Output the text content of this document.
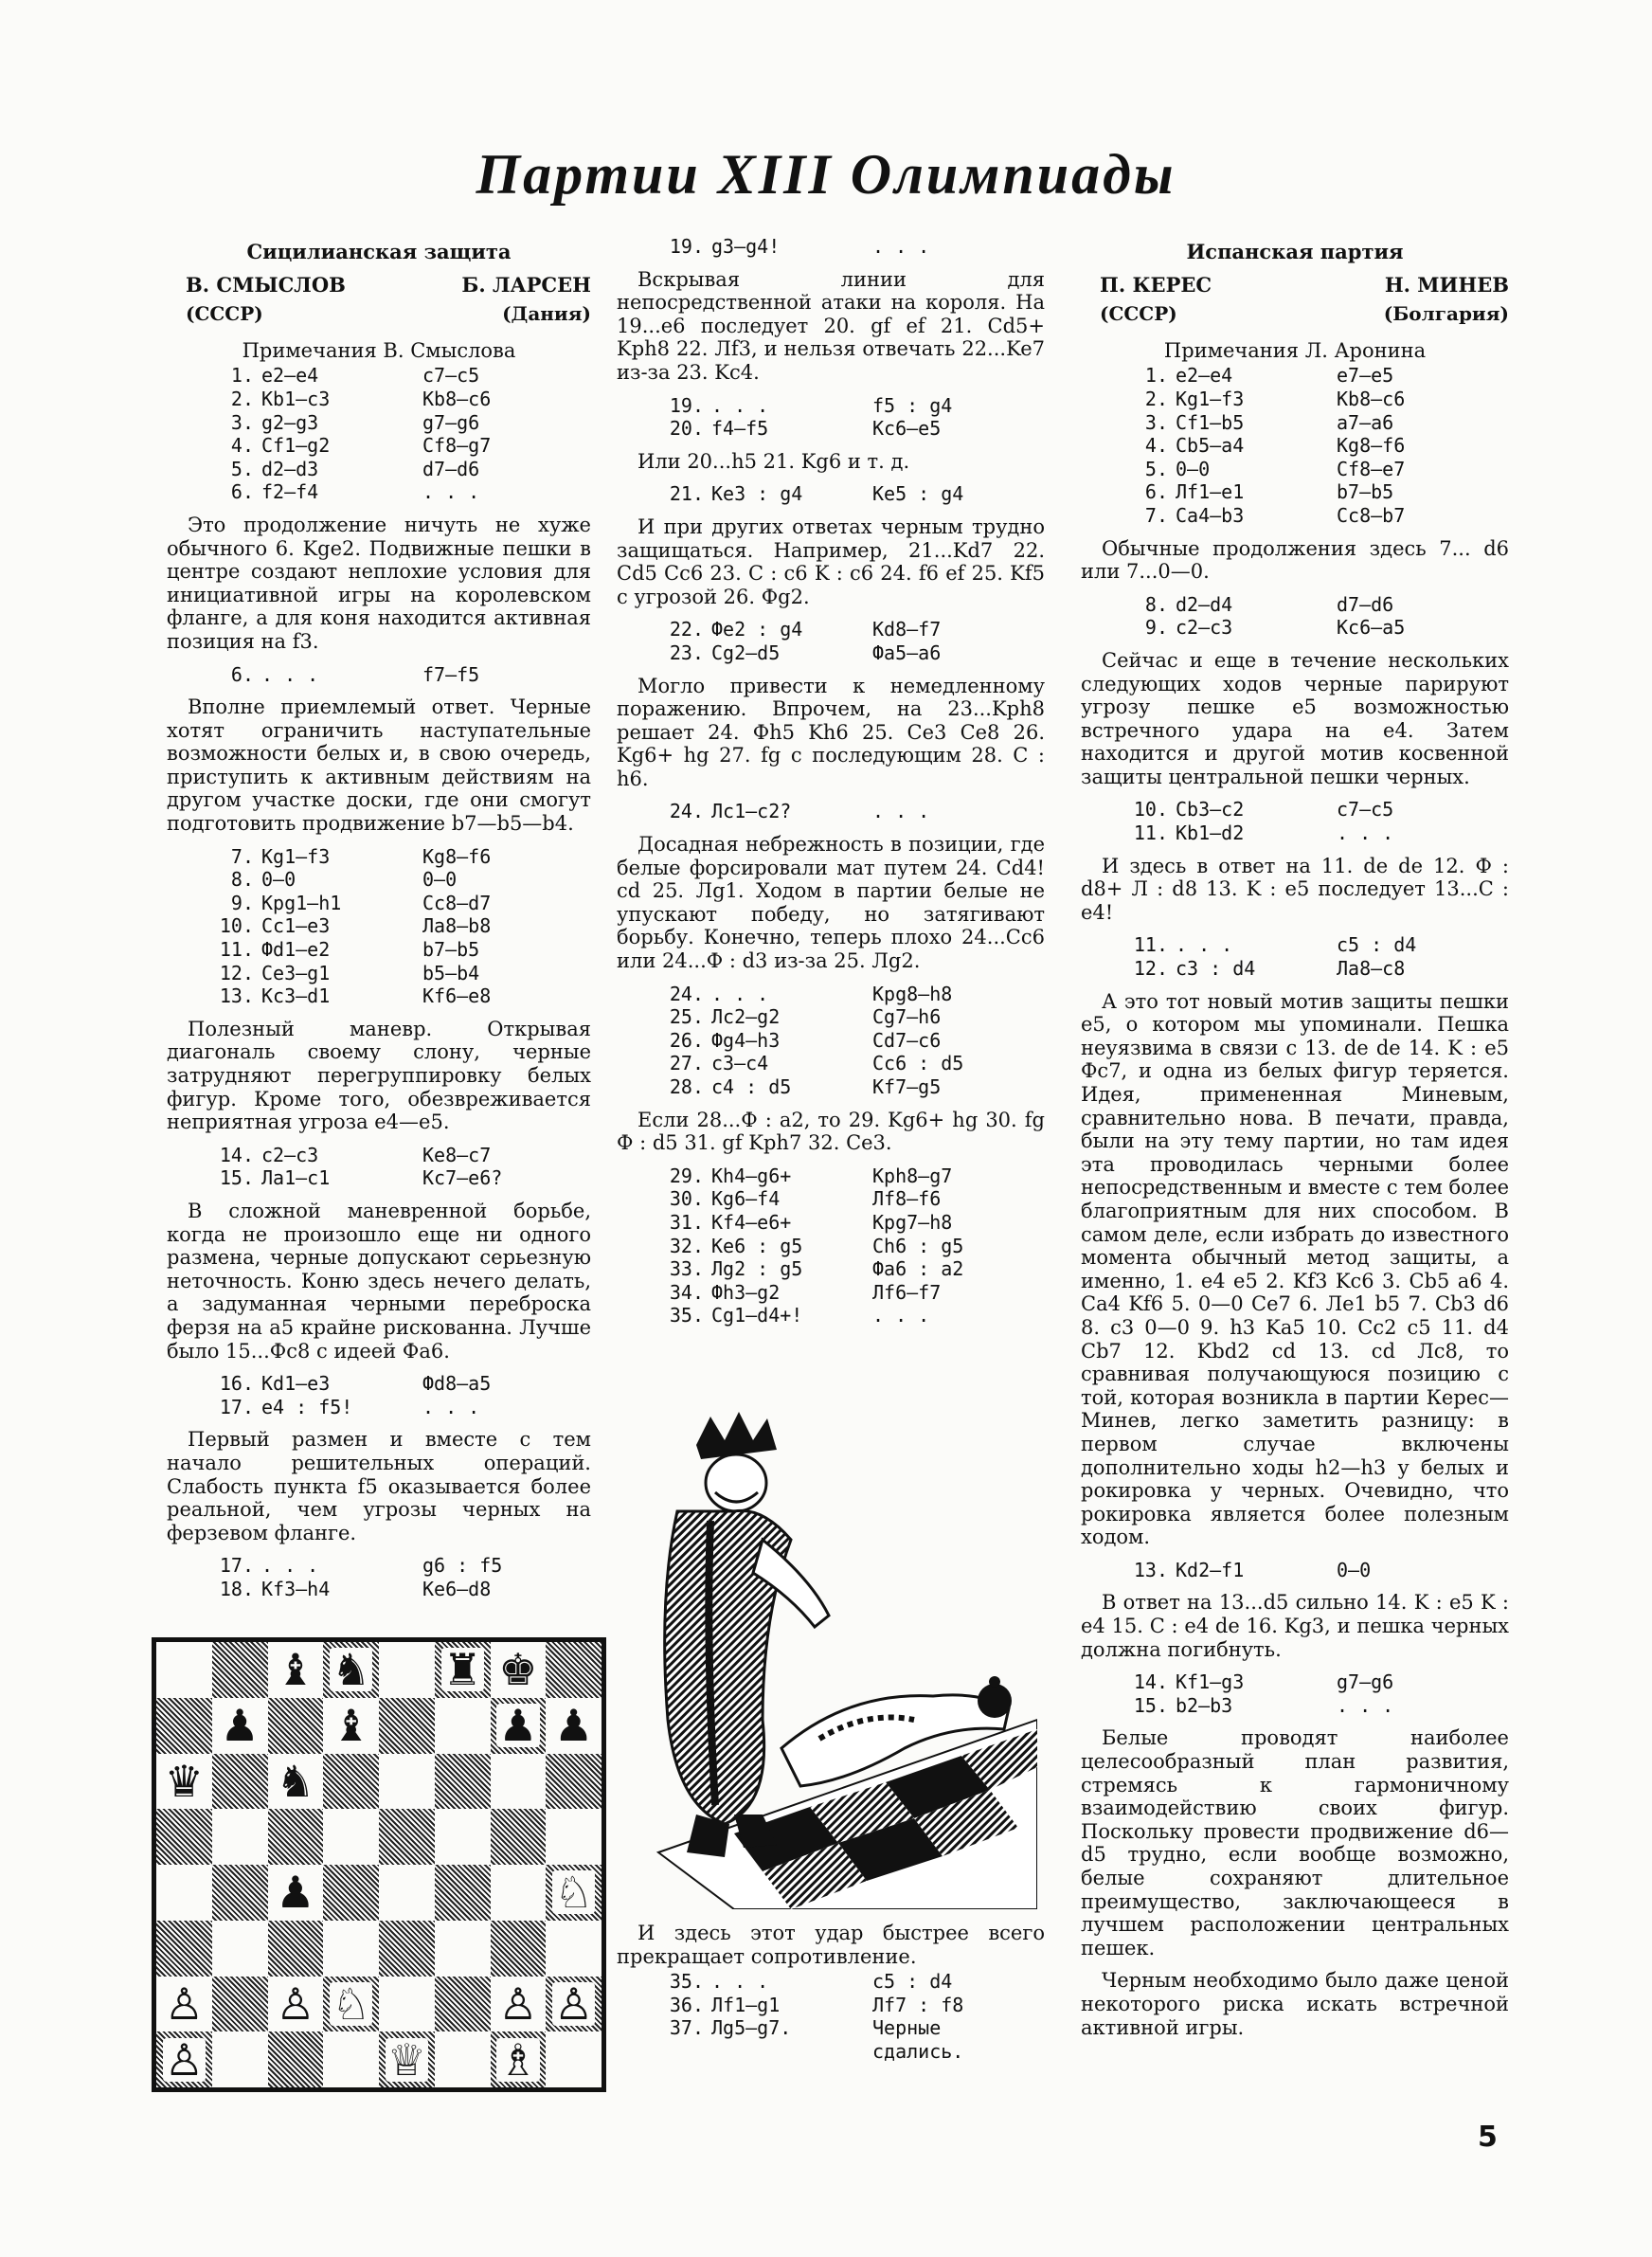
Партии XIII Олимпиады
Сицилианская защита
В. СМЫСЛОВ	Б. ЛАРСЕН
(СССР)	(Дания)
Примечания В. Смыслова
1. e2—e4	c7—c5
2. Kb1—c3	Kb8—c6
3. g2—g3	g7—g6
4. Cf1—g2	Cf8—g7
5. d2—d3	d7—d6
6. f2—f4	. . .

Это продолжение ничуть не хуже обычного 6. Kge2. Подвижные пешки в центре создают неплохие условия для инициативной игры на королевском фланге, а для коня находится активная позиция на f3.

6. . . .	f7—f5

Вполне приемлемый ответ. Черные хотят ограничить наступательные возможности белых и, в свою очередь, приступить к активным действиям на другом участке доски, где они смогут подготовить продвижение b7—b5—b4.

7. Kg1—f3	Kg8—f6
8. 0—0	0—0
9. Kpg1—h1	Cc8—d7
10. Cc1—e3	Ла8—b8
11. Фd1—e2	b7—b5
12. Ce3—g1	b5—b4
13. Kc3—d1	Kf6—e8

Полезный маневр. Открывая диагональ своему слону, черные затрудняют перегруппировку белых фигур. Кроме того, обезвреживается неприятная угроза e4—e5.

14. c2—c3	Ke8—c7
15. Ла1—c1	Kc7—e6?

В сложной маневренной борьбе, когда не произошло еще ни одного размена, черные допускают серьезную неточность. Коню здесь нечего делать, а задуманная черными переброска ферзя на a5 крайне рискованна. Лучше было 15...Фc8 с идеей Фа6.

16. Kd1—e3	Фd8—a5
17. e4 : f5!	. . .

Первый размен и вместе с тем начало решительных операций. Слабость пункта f5 оказывается более реальной, чем угрозы черных на ферзевом фланге.

17. . . .	g6 : f5
18. Kf3—h4	Ke6—d8
♝ ♞ ♜ ♚
♟ ♝	♟ ♟
♛ ♞
♟	♘
♙ ♙ ♘	♙ ♙
♙	♕ ♗
19. g3—g4!	. . .

Вскрывая линии для непосредственной атаки на короля. На 19...e6 последует 20. gf ef 21. Cd5+ Kph8 22. Лf3, и нельзя отвечать 22...Ke7 из-за 23. Kc4.

19. . . .	f5 : g4
20. f4—f5	Kc6—e5

Или 20...h5 21. Kg6 и т. д.

21. Ke3 : g4	Ke5 : g4

И при других ответах черным трудно защищаться. Например, 21...Kd7 22. Cd5 Cc6 23. C : c6 K : c6 24. f6 ef 25. Kf5 с угрозой 26. Фg2.

22. Фe2 : g4	Kd8—f7
23. Cg2—d5	Фа5—a6

Могло привести к немедленному поражению. Впрочем, на 23...Kph8 решает 24. Фh5 Kh6 25. Ce3 Ce8 26. Kg6+ hg 27. fg с последующим 28. C : h6.

24. Лc1—c2?	. . .

Досадная небрежность в позиции, где белые форсировали мат путем 24. Cd4! cd 25. Лg1. Ходом в партии белые не упускают победу, но затягивают борьбу. Конечно, теперь плохо 24...Cc6 или 24...Ф : d3 из-за 25. Лg2.

24. . . .	Kpg8—h8
25. Лc2—g2	Cg7—h6
26. Фg4—h3	Cd7—c6
27. c3—c4	Cc6 : d5
28. c4 : d5	Kf7—g5

Если 28...Ф : a2, то 29. Kg6+ hg 30. fg Ф : d5 31. gf Kph7 32. Ce3.

29. Kh4—g6+	Kph8—g7
30. Kg6—f4	Лf8—f6
31. Kf4—e6+	Kpg7—h8
32. Ke6 : g5	Ch6 : g5
33. Лg2 : g5	Фа6 : a2
34. Фh3—g2	Лf6—f7
35. Cg1—d4+!	. . .

И здесь этот удар быстрее всего прекращает сопротивление.

35. . . .	c5 : d4
36. Лf1—g1	Лf7 : f8
37. Лg5—g7.	Черные сдались.
Испанская партия
П. КЕРЕС	Н. МИНЕВ
(СССР)	(Болгария)
Примечания Л. Аронина
1. e2—e4	e7—e5
2. Kg1—f3	Kb8—c6
3. Cf1—b5	a7—a6
4. Cb5—a4	Kg8—f6
5. 0—0	Cf8—e7
6. Лf1—e1	b7—b5
7. Ca4—b3	Cc8—b7

Обычные продолжения здесь 7... d6 или 7...0—0.

8. d2—d4	d7—d6
9. c2—c3	Kc6—a5

Сейчас и еще в течение нескольких следующих ходов черные парируют угрозу пешке e5 возможностью встречного удара на e4. Затем находится и другой мотив косвенной защиты центральной пешки черных.

10. Cb3—c2	c7—c5
11. Kb1—d2	. . .

И здесь в ответ на 11. de de 12. Ф : d8+ Л : d8 13. K : e5 последует 13...C : e4!

11. . . .	c5 : d4
12. c3 : d4	Ла8—c8

А это тот новый мотив защиты пешки e5, о котором мы упоминали. Пешка неуязвима в связи с 13. de de 14. K : e5 Фc7, и одна из белых фигур теряется. Идея, примененная Миневым, сравнительно нова. В печати, правда, были на эту тему партии, но там идея эта проводилась черными более непосредственным и вместе с тем более благоприятным для них способом. В самом деле, если избрать до известного момента обычный метод защиты, а именно, 1. e4 e5 2. Kf3 Kc6 3. Cb5 a6 4. Ca4 Kf6 5. 0—0 Ce7 6. Лe1 b5 7. Cb3 d6 8. c3 0—0 9. h3 Ka5 10. Cc2 c5 11. d4 Cb7 12. Kbd2 cd 13. cd Лc8, то сравнивая получающуюся позицию с той, которая возникла в партии Керес—Минев, легко заметить разницу: в первом случае включены дополнительно ходы h2—h3 у белых и рокировка у черных. Очевидно, что рокировка является более полезным ходом.

13. Kd2—f1	0—0

В ответ на 13...d5 сильно 14. K : e5 K : e4 15. C : e4 de 16. Kg3, и пешка черных должна погибнуть.

14. Kf1—g3	g7—g6
15. b2—b3	. . .

Белые проводят наиболее целесообразный план развития, стремясь к гармоничному взаимодействию своих фигур. Поскольку провести продвижение d6—d5 трудно, если вообще возможно, белые сохраняют длительное преимущество, заключающееся в лучшем расположении центральных пешек.

Черным необходимо было даже ценой некоторого риска искать встречной активной игры.

5
